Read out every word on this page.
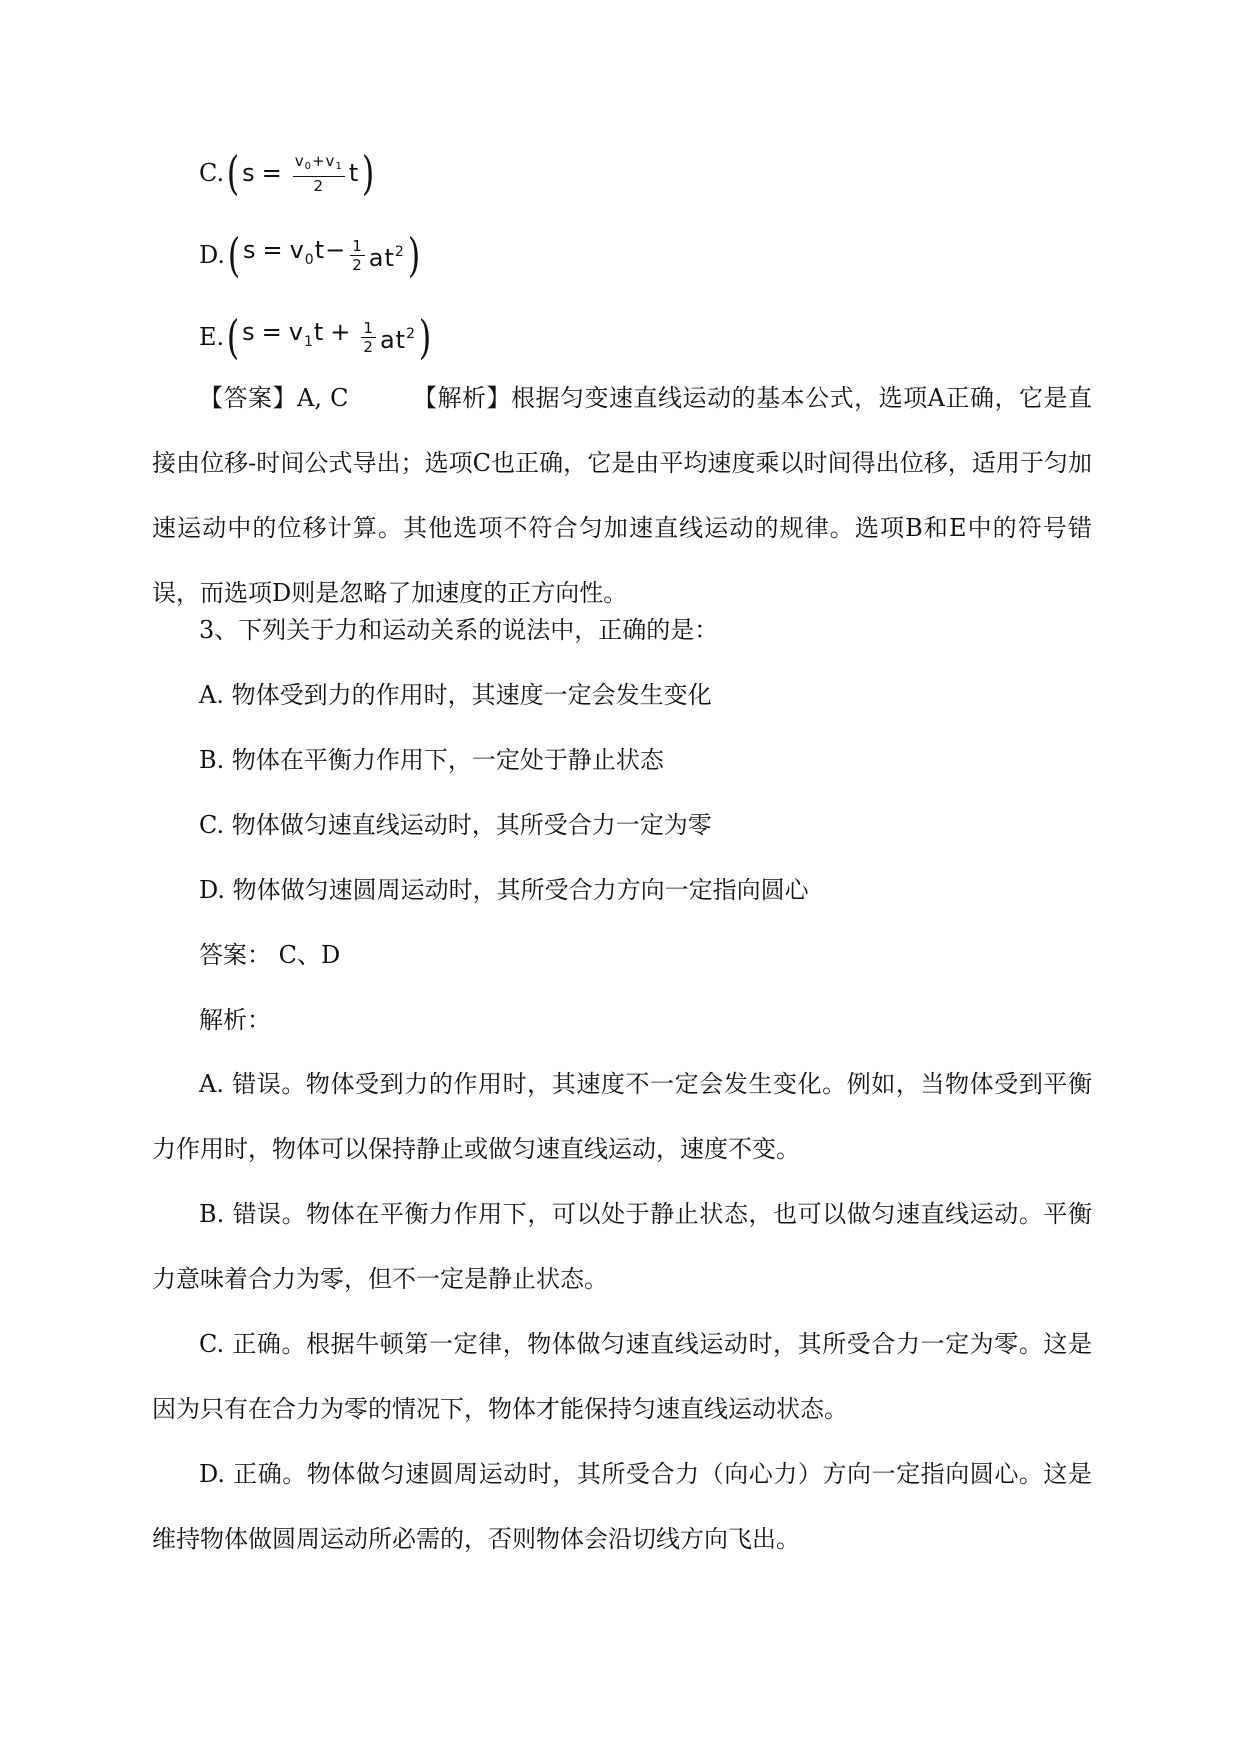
C. ( $s = \frac{v_0+v_1}{2}$ t )
D. ( $s = v_0t- \frac{1}{2} at^2$ )
E. ( $s = v_1t + \frac{1}{2} at^2$ )
【答案】A, C	【解析】根据匀变速直线运动的基本公式，选项A正确，它是直接由位移-时间公式导出；选项C也正确，它是由平均速度乘以时间得出位移，适用于匀加速运动中的位移计算。其他选项不符合匀加速直线运动的规律。选项B和E中的符号错误，而选项D则是忽略了加速度的正方向性。
3、下列关于力和运动关系的说法中，正确的是：
A. 物体受到力的作用时，其速度一定会发生变化
B. 物体在平衡力作用下，一定处于静止状态
C. 物体做匀速直线运动时，其所受合力一定为零
D. 物体做匀速圆周运动时，其所受合力方向一定指向圆心
答案： C、D
解析：
A. 错误。物体受到力的作用时，其速度不一定会发生变化。例如，当物体受到平衡力作用时，物体可以保持静止或做匀速直线运动，速度不变。
B. 错误。物体在平衡力作用下，可以处于静止状态，也可以做匀速直线运动。平衡力意味着合力为零，但不一定是静止状态。
C. 正确。根据牛顿第一定律，物体做匀速直线运动时，其所受合力一定为零。这是因为只有在合力为零的情况下，物体才能保持匀速直线运动状态。
D. 正确。物体做匀速圆周运动时，其所受合力（向心力）方向一定指向圆心。这是维持物体做圆周运动所必需的，否则物体会沿切线方向飞出。
